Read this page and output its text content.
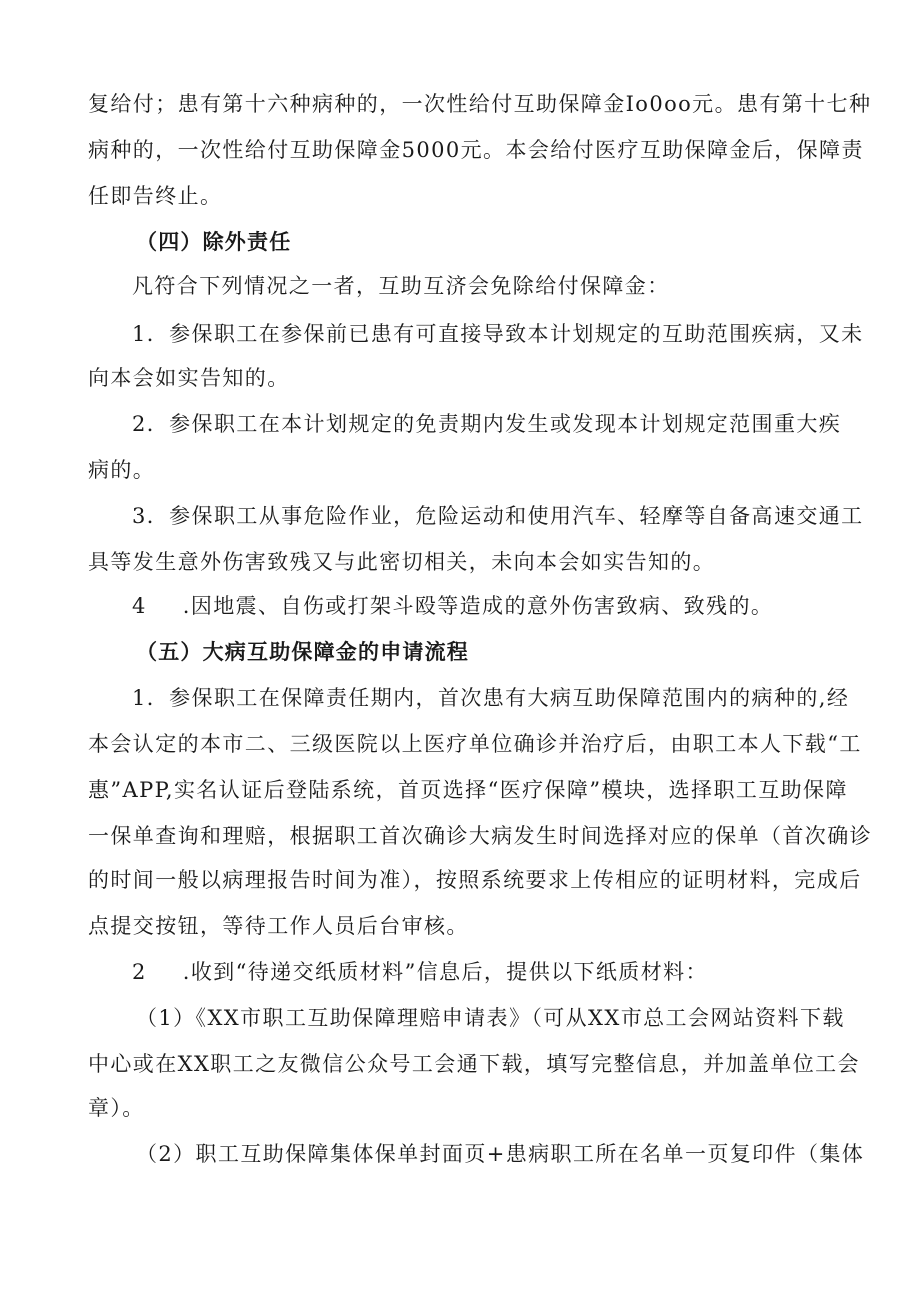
复给付；患有第十六种病种的，一次性给付互助保障金Io0oo元。患有第十七种
病种的，一次性给付互助保障金5000元。本会给付医疗互助保障金后，保障责
任即告终止。
（四）除外责任
凡符合下列情况之一者，互助互济会免除给付保障金：
1．参保职工在参保前已患有可直接导致本计划规定的互助范围疾病，又未
向本会如实告知的。
2．参保职工在本计划规定的免责期内发生或发现本计划规定范围重大疾
病的。
3．参保职工从事危险作业，危险运动和使用汽车、轻摩等自备高速交通工
具等发生意外伤害致残又与此密切相关，未向本会如实告知的。
4 .因地震、自伤或打架斗殴等造成的意外伤害致病、致残的。
（五）大病互助保障金的申请流程
1．参保职工在保障责任期内，首次患有大病互助保障范围内的病种的,经
本会认定的本市二、三级医院以上医疗单位确诊并治疗后，由职工本人下载“工
惠”APP,实名认证后登陆系统，首页选择“医疗保障”模块，选择职工互助保障
一保单查询和理赔，根据职工首次确诊大病发生时间选择对应的保单（首次确诊
的时间一般以病理报告时间为准），按照系统要求上传相应的证明材料，完成后
点提交按钮，等待工作人员后台审核。
2 .收到“待递交纸质材料”信息后，提供以下纸质材料：
（1）《XX市职工互助保障理赔申请表》（可从XX市总工会网站资料下载
中心或在XX职工之友微信公众号工会通下载，填写完整信息，并加盖单位工会
章）。
（2）职工互助保障集体保单封面页+患病职工所在名单一页复印件（集体
